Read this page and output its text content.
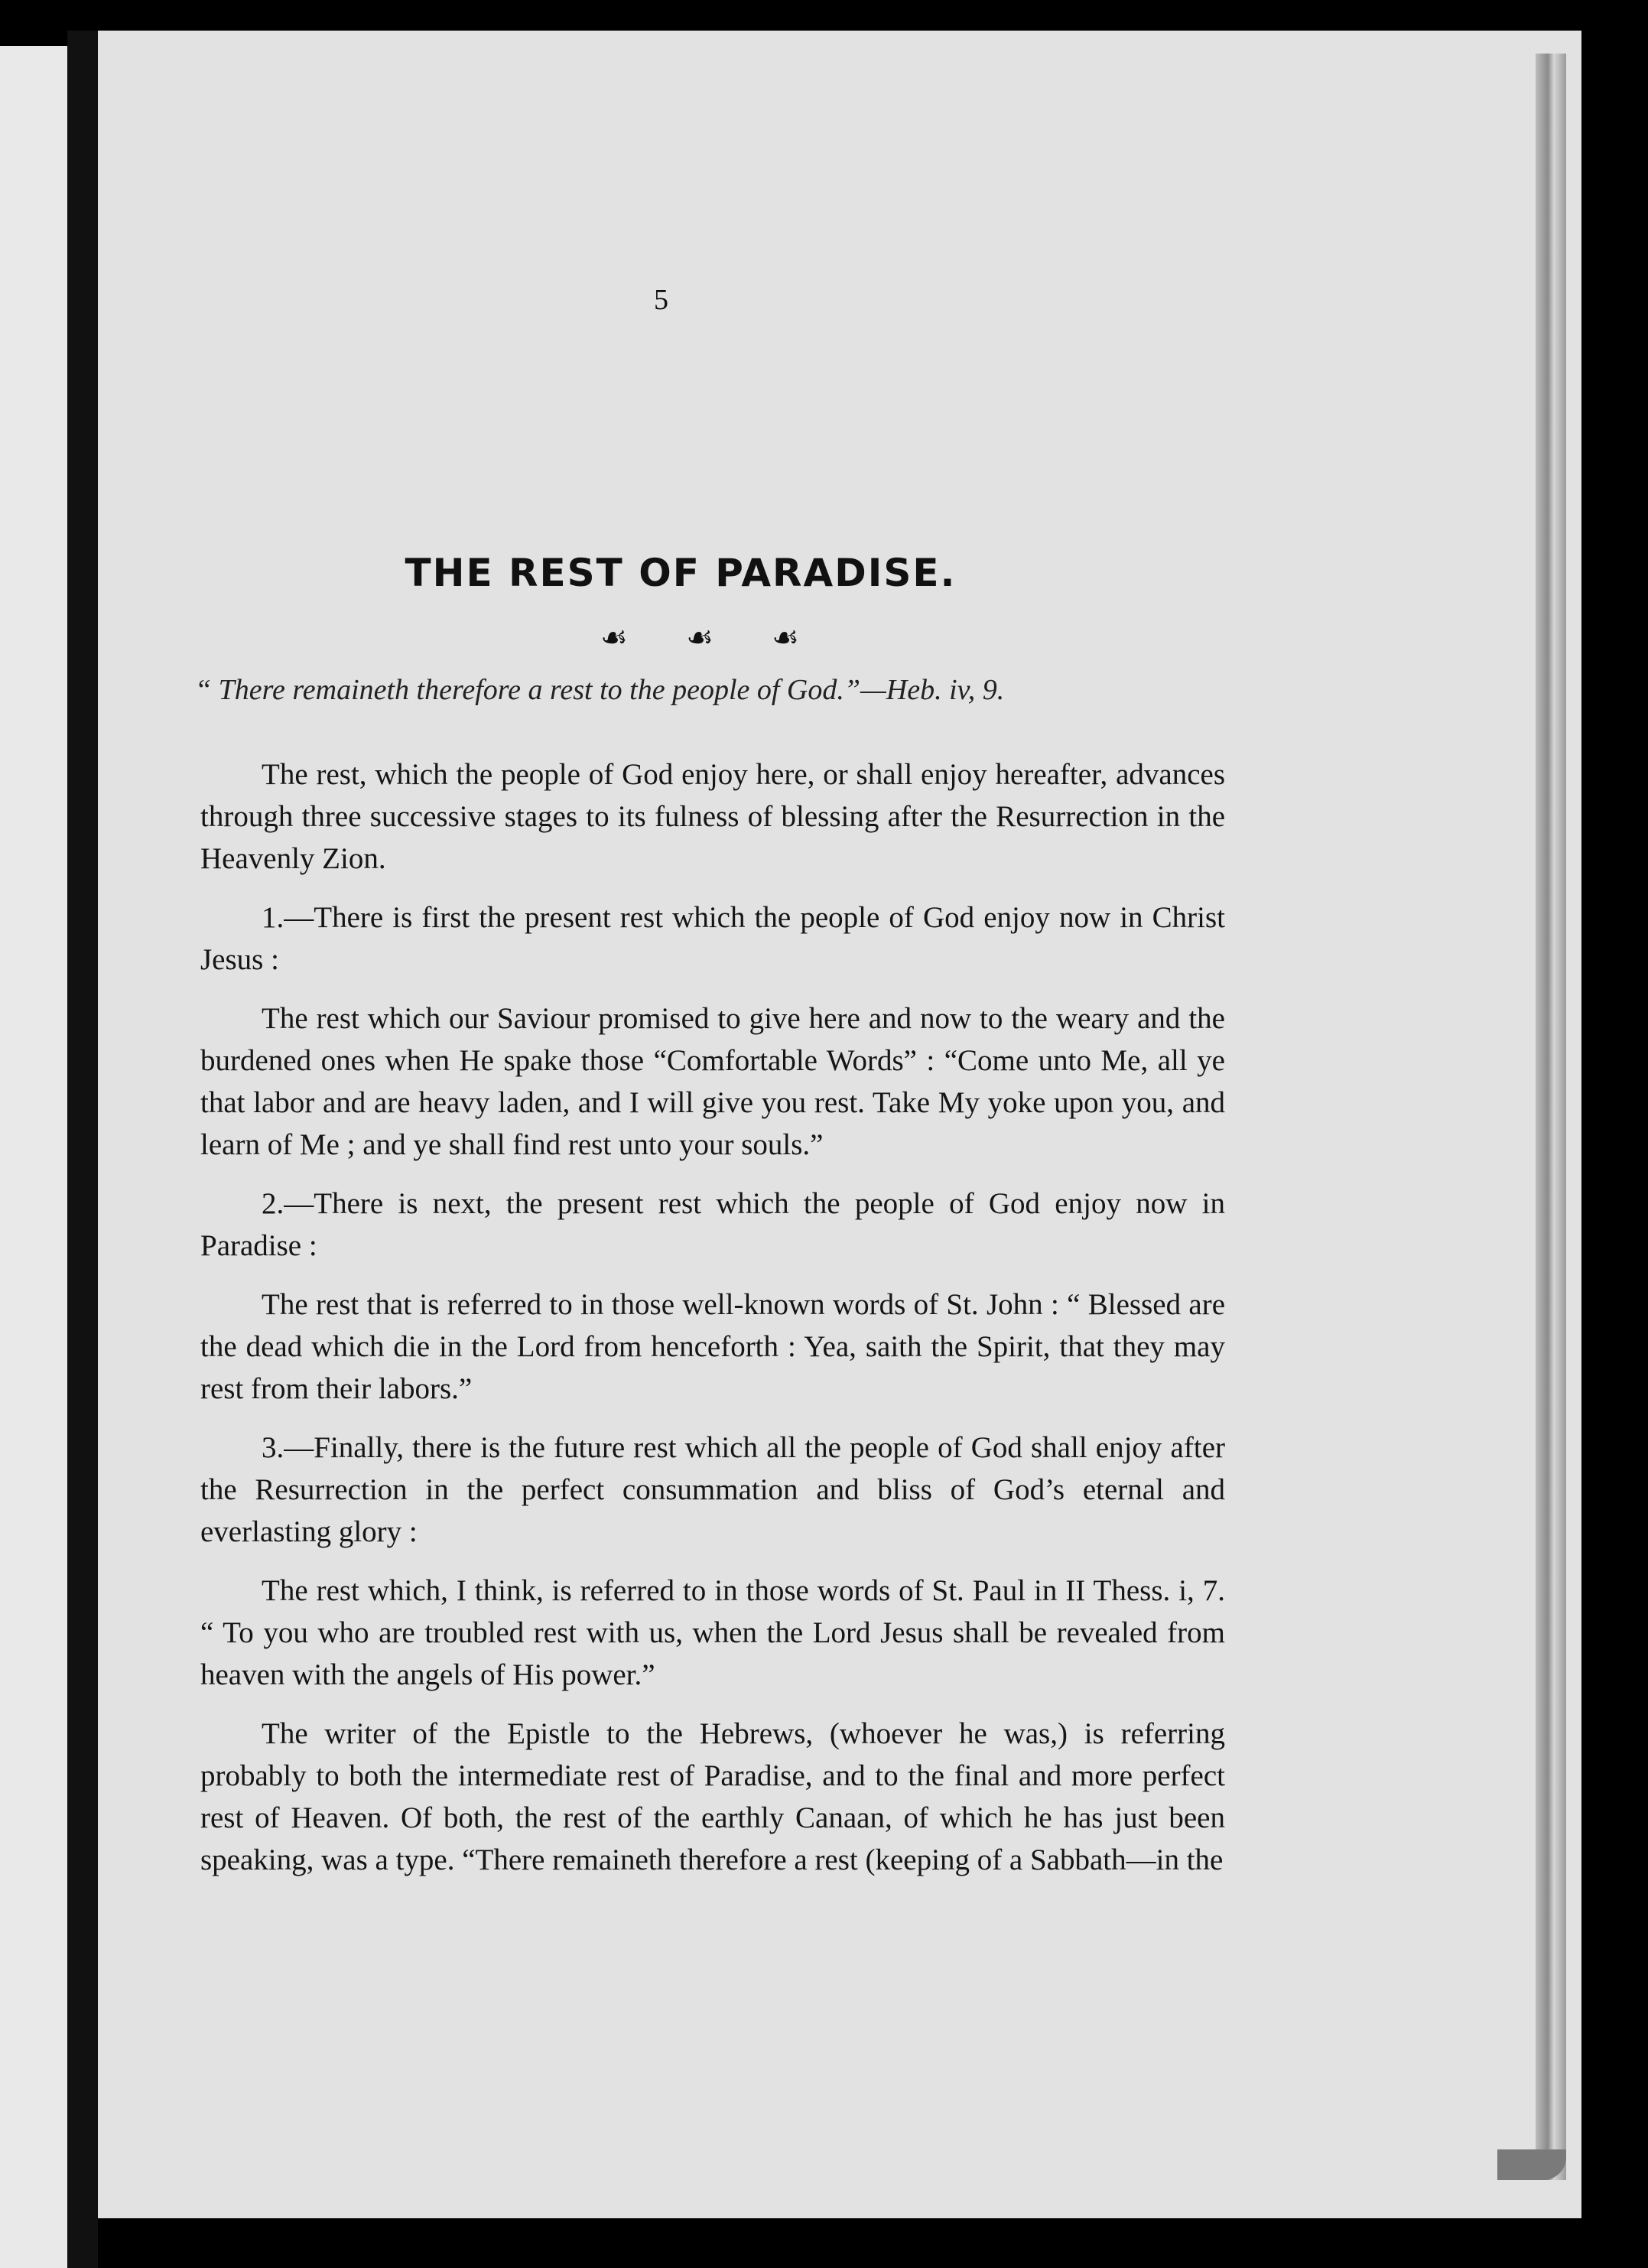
5
THE REST OF PARADISE.
☙ ☙ ☙
“ There remaineth therefore a rest to the people of God.”—Heb. iv, 9.

The rest, which the people of God enjoy here, or shall enjoy hereafter, advances through three successive stages to its fulness of blessing after the Resurrection in the Heavenly Zion.

1.—There is first the present rest which the people of God enjoy now in Christ Jesus :

The rest which our Saviour promised to give here and now to the weary and the burdened ones when He spake those “Comfortable Words” : “Come unto Me, all ye that labor and are heavy laden, and I will give you rest. Take My yoke upon you, and learn of Me ; and ye shall find rest unto your souls.”

2.—There is next, the present rest which the people of God enjoy now in Paradise :

The rest that is referred to in those well-known words of St. John : “ Blessed are the dead which die in the Lord from henceforth : Yea, saith the Spirit, that they may rest from their labors.”

3.—Finally, there is the future rest which all the people of God shall enjoy after the Resurrection in the perfect consummation and bliss of God’s eternal and everlasting glory :

The rest which, I think, is referred to in those words of St. Paul in II Thess. i, 7. “ To you who are troubled rest with us, when the Lord Jesus shall be revealed from heaven with the angels of His power.”

The writer of the Epistle to the Hebrews, (whoever he was,) is referring probably to both the intermediate rest of Paradise, and to the final and more perfect rest of Heaven. Of both, the rest of the earthly Canaan, of which he has just been speaking, was a type. “There remaineth therefore a rest (keeping of a Sabbath—in the
